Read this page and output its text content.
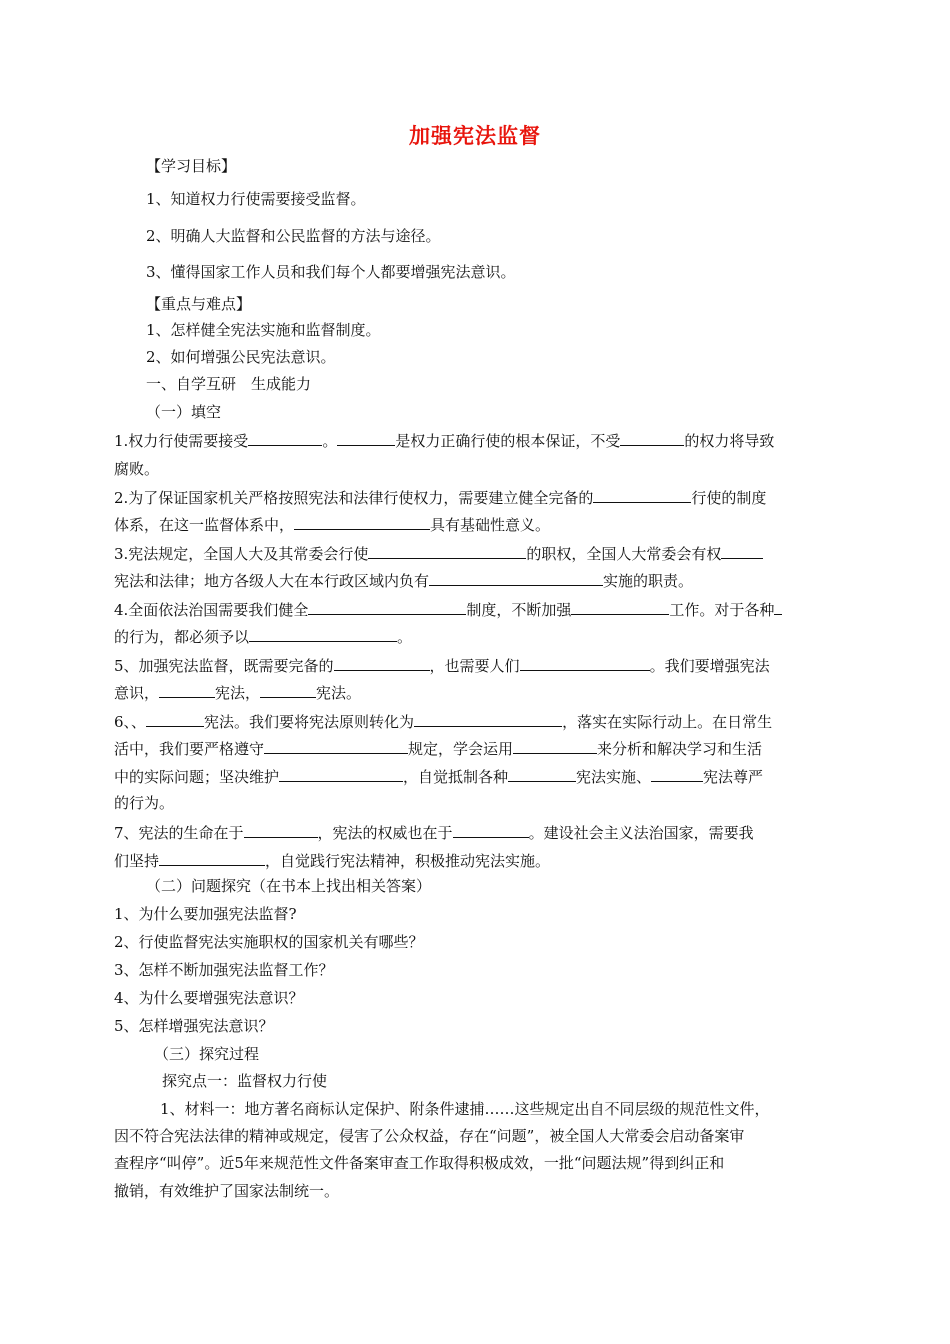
加强宪法监督
【学习目标】
1、知道权力行使需要接受监督。
2、明确人大监督和公民监督的方法与途径。
3、懂得国家工作人员和我们每个人都要增强宪法意识。
【重点与难点】
1、怎样健全宪法实施和监督制度。
2、如何增强公民宪法意识。
一、自学互研　生成能力
（一）填空
1.权力行使需要接受	。	是权力正确行使的根本保证，不受	的权力将导致
腐败。
2.为了保证国家机关严格按照宪法和法律行使权力，需要建立健全完备的	行使的制度
体系，在这一监督体系中，	具有基础性意义。
3.宪法规定，全国人大及其常委会行使	的职权，全国人大常委会有权
宪法和法律；地方各级人大在本行政区域内负有	实施的职责。
4.全面依法治国需要我们健全	制度，不断加强	工作。对于各种
的行为，都必须予以	。
5、加强宪法监督，既需要完备的	，也需要人们	。我们要增强宪法
意识，	宪法，	宪法。
6、、	宪法。我们要将宪法原则转化为	，落实在实际行动上。在日常生
活中，我们要严格遵守	规定，学会运用	来分析和解决学习和生活
中的实际问题；坚决维护	，自觉抵制各种	宪法实施、	宪法尊严
的行为。
7、宪法的生命在于	，宪法的权威也在于	。建设社会主义法治国家，需要我
们坚持	，自觉践行宪法精神，积极推动宪法实施。
（二）问题探究（在书本上找出相关答案）
1、为什么要加强宪法监督?
2、行使监督宪法实施职权的国家机关有哪些？
3、怎样不断加强宪法监督工作？
4、为什么要增强宪法意识？
5、怎样增强宪法意识？
（三）探究过程
探究点一：监督权力行使
1、材料一：地方著名商标认定保护、附条件逮捕……这些规定出自不同层级的规范性文件，
因不符合宪法法律的精神或规定，侵害了公众权益，存在“问题”，被全国人大常委会启动备案审
查程序“叫停”。近5年来规范性文件备案审查工作取得积极成效，一批“问题法规”得到纠正和
撤销，有效维护了国家法制统一。
